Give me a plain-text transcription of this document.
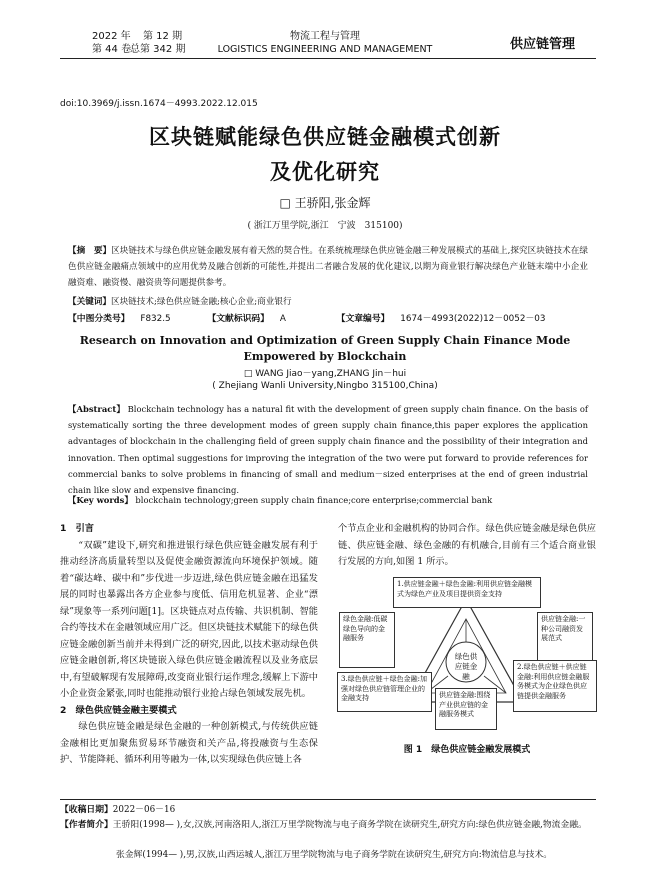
2022 年 第 12 期
第 44 卷
总第 342 期
物流工程与管理
LOGISTICS ENGINEERING AND MANAGEMENT	供应链管理
doi:10.3969/j.issn.1674－4993.2022.12.015
区块链赋能绿色供应链金融模式创新
及优化研究
□ 王骄阳,张金辉
( 浙江万里学院,浙江　宁波　315100)

【摘　要】区块链技术与绿色供应链金融发展有着天然的契合性。在系统梳理绿色供应链金融三种发展模式的基础上,探究区块链技术在绿色供应链金融痛点领域中的应用优势及融合创新的可能性,并提出二者融合发展的优化建议,以期为商业银行解决绿色产业链末端中小企业融资难、融资慢、融资贵等问题提供参考。

【关键词】区块链技术;绿色供应链金融;核心企业;商业银行

【中图分类号】 F832.5	【文献标识码】 A	【文章编号】 1674－4993(2022)12－0052－03
Research on Innovation and Optimization of Green Supply Chain Finance Mode
Empowered by Blockchain
□ WANG Jiao－yang,ZHANG Jin－hui
( Zhejiang Wanli University,Ningbo 315100,China)

【Abstract】 Blockchain technology has a natural fit with the development of green supply chain finance. On the basis of systematically sorting the three development modes of green supply chain finance,this paper explores the application advantages of blockchain in the challenging field of green supply chain finance and the possibility of their integration and innovation. Then optimal suggestions for improving the integration of the two were put forward to provide references for commercial banks to solve problems in financing of small and medium－sized enterprises at the end of green industrial chain like slow and expensive financing.

【Key words】 blockchain technology;green supply chain finance;core enterprise;commercial bank

1　引言

“双碳”建设下,研究和推进银行绿色供应链金融发展有利于推动经济高质量转型以及促使金融资源流向环境保护领域。随着“碳达峰、碳中和”步伐进一步迈进,绿色供应链金融在迅猛发展的同时也暴露出各方企业参与度低、信用危机显著、企业“漂绿”现象等一系列问题[1]。区块链点对点传输、共识机制、智能合约等技术在金融领域应用广泛。但区块链技术赋能下的绿色供应链金融创新当前并未得到广泛的研究,因此,以技术驱动绿色供应链金融创新,将区块链嵌入绿色供应链金融流程以及业务底层中,有望破解现有发展障碍,改变商业银行运作理念,缓解上下游中小企业资金紧张,同时也能推动银行业抢占绿色领域发展先机。

2　绿色供应链金融主要模式

绿色供应链金融是绿色金融的一种创新模式,与传统供应链金融相比更加聚焦贸易环节融资和关产品,将投融资与生态保护、节能降耗、循环利用等融为一体,以实现绿色供应链上各

个节点企业和金融机构的协同合作。绿色供应链金融是绿色供应链、供应链金融、绿色金融的有机融合,目前有三个适合商业银行发展的方向,如图 1 所示。

绿色供应链金融
1.供应链金融＋绿色金融:利用供应链金融模式为绿色产业及项目提供资金支持
绿色金融:低碳绿色导向的金融服务
供应链金融:一种公司融资发展范式
3.绿色供应链＋绿色金融:加强对绿色供应链管理企业的金融支持
2.绿色供应链＋供应链金融:利用供应链金融服务模式为企业绿色供应链提供金融服务
供应链金融:围绕产业供应链的金融服务模式
图 1　绿色供应链金融发展模式
【收稿日期】2022－06－16
【作者简介】王骄阳(1998— ),女,汉族,河南洛阳人,浙江万里学院物流与电子商务学院在读研究生,研究方向:绿色供应链金融,物流金融。
张金辉(1994— ),男,汉族,山西运城人,浙江万里学院物流与电子商务学院在读研究生,研究方向:物流信息与技术。
